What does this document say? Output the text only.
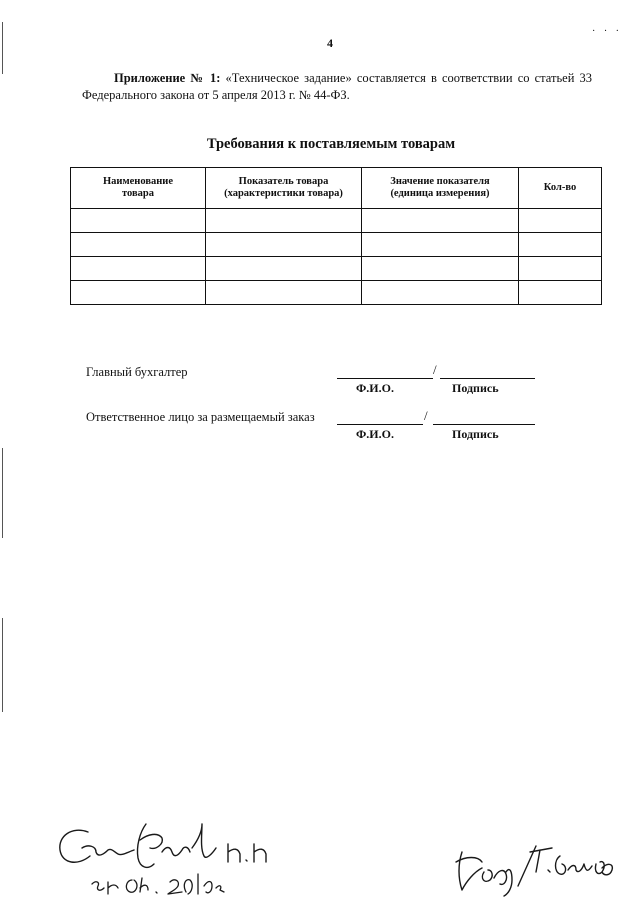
· · ·
4
Приложение № 1: «Техническое задание» составляется в соответствии со статьей 33 Федерального закона от 5 апреля 2013 г. № 44-ФЗ.
Требования к поставляемым товарам
Наименование товара	Показатель товара (характеристики товара)	Значение показателя (единица измерения)	Кол-во

Главный бухгалтер	/
Ф.И.О.	Подпись
Ответственное лицо за размещаемый заказ	/
Ф.И.О.	Подпись
